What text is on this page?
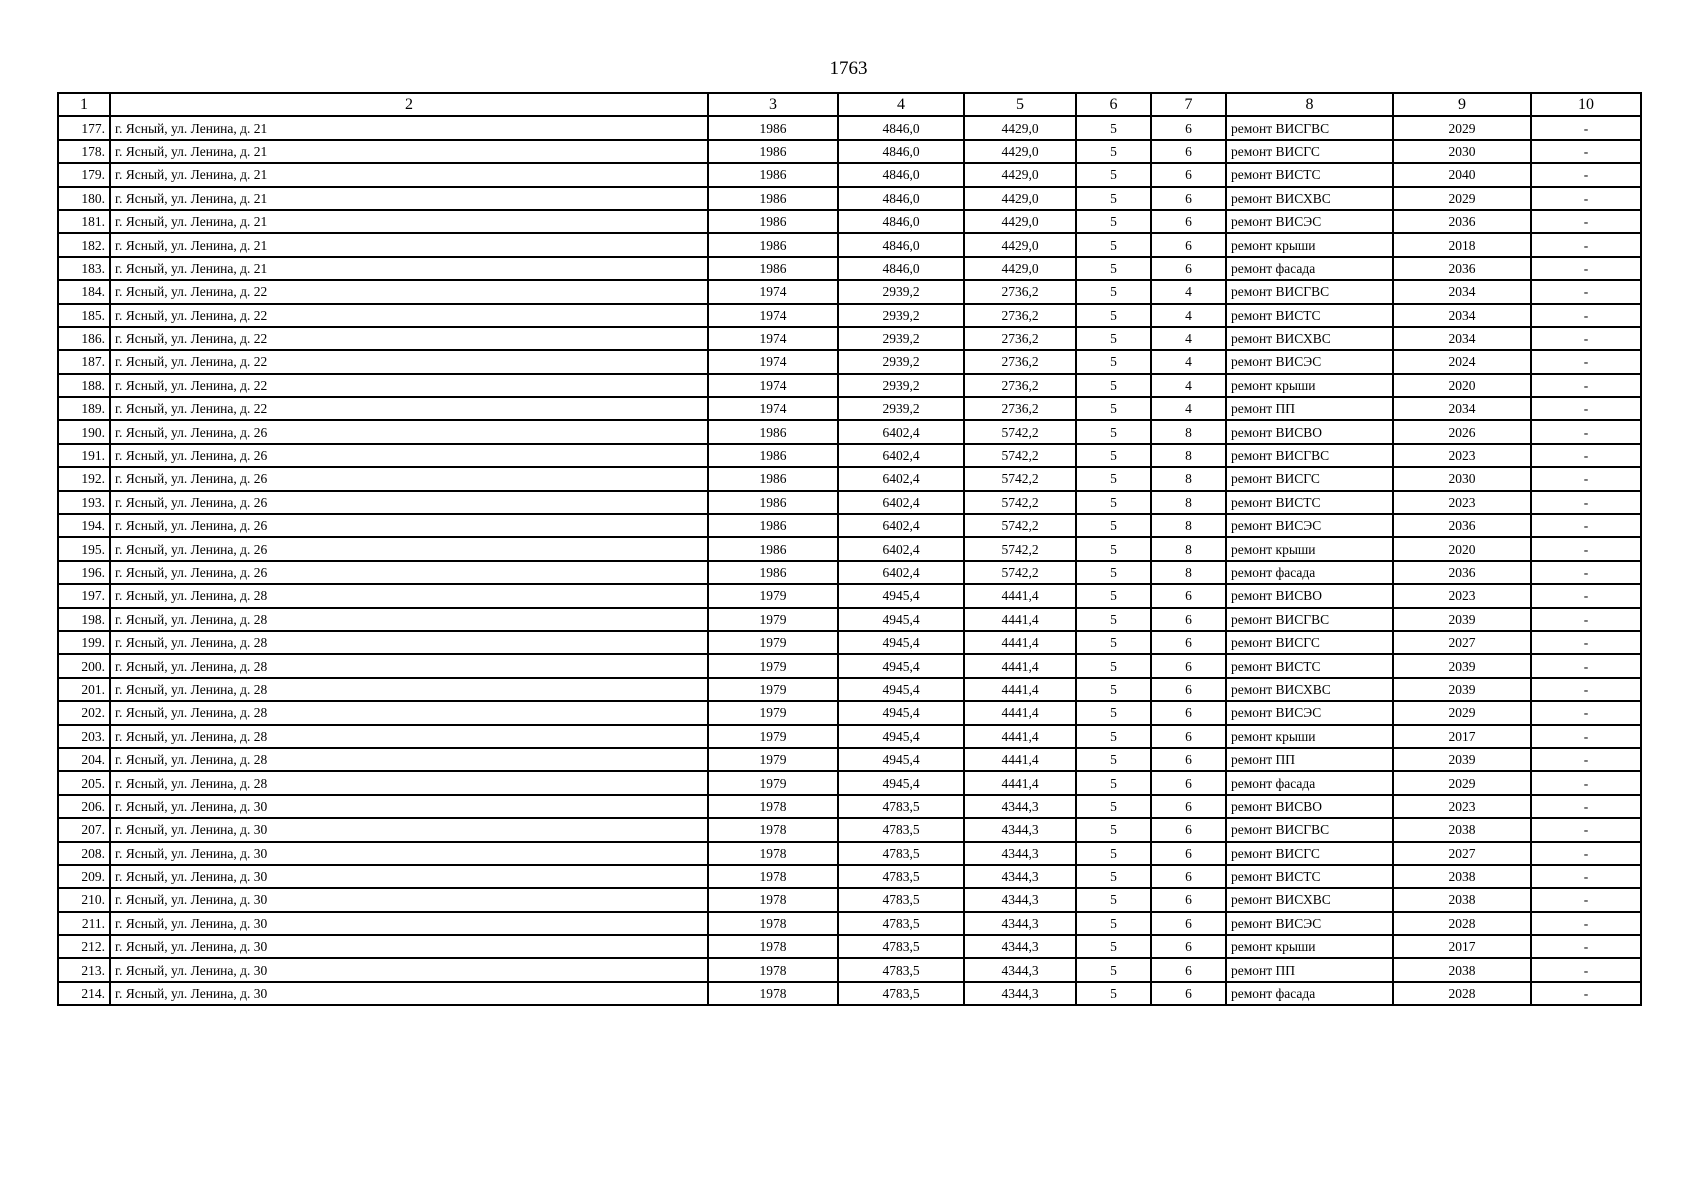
1763
1	2	3	4	5	6	7	8	9	10
177.	г. Ясный, ул. Ленина, д. 21	1986	4846,0	4429,0	5	6	ремонт ВИСГВС	2029	-
178.	г. Ясный, ул. Ленина, д. 21	1986	4846,0	4429,0	5	6	ремонт ВИСГС	2030	-
179.	г. Ясный, ул. Ленина, д. 21	1986	4846,0	4429,0	5	6	ремонт ВИСТС	2040	-
180.	г. Ясный, ул. Ленина, д. 21	1986	4846,0	4429,0	5	6	ремонт ВИСХВС	2029	-
181.	г. Ясный, ул. Ленина, д. 21	1986	4846,0	4429,0	5	6	ремонт ВИСЭС	2036	-
182.	г. Ясный, ул. Ленина, д. 21	1986	4846,0	4429,0	5	6	ремонт крыши	2018	-
183.	г. Ясный, ул. Ленина, д. 21	1986	4846,0	4429,0	5	6	ремонт фасада	2036	-
184.	г. Ясный, ул. Ленина, д. 22	1974	2939,2	2736,2	5	4	ремонт ВИСГВС	2034	-
185.	г. Ясный, ул. Ленина, д. 22	1974	2939,2	2736,2	5	4	ремонт ВИСТС	2034	-
186.	г. Ясный, ул. Ленина, д. 22	1974	2939,2	2736,2	5	4	ремонт ВИСХВС	2034	-
187.	г. Ясный, ул. Ленина, д. 22	1974	2939,2	2736,2	5	4	ремонт ВИСЭС	2024	-
188.	г. Ясный, ул. Ленина, д. 22	1974	2939,2	2736,2	5	4	ремонт крыши	2020	-
189.	г. Ясный, ул. Ленина, д. 22	1974	2939,2	2736,2	5	4	ремонт ПП	2034	-
190.	г. Ясный, ул. Ленина, д. 26	1986	6402,4	5742,2	5	8	ремонт ВИСВО	2026	-
191.	г. Ясный, ул. Ленина, д. 26	1986	6402,4	5742,2	5	8	ремонт ВИСГВС	2023	-
192.	г. Ясный, ул. Ленина, д. 26	1986	6402,4	5742,2	5	8	ремонт ВИСГС	2030	-
193.	г. Ясный, ул. Ленина, д. 26	1986	6402,4	5742,2	5	8	ремонт ВИСТС	2023	-
194.	г. Ясный, ул. Ленина, д. 26	1986	6402,4	5742,2	5	8	ремонт ВИСЭС	2036	-
195.	г. Ясный, ул. Ленина, д. 26	1986	6402,4	5742,2	5	8	ремонт крыши	2020	-
196.	г. Ясный, ул. Ленина, д. 26	1986	6402,4	5742,2	5	8	ремонт фасада	2036	-
197.	г. Ясный, ул. Ленина, д. 28	1979	4945,4	4441,4	5	6	ремонт ВИСВО	2023	-
198.	г. Ясный, ул. Ленина, д. 28	1979	4945,4	4441,4	5	6	ремонт ВИСГВС	2039	-
199.	г. Ясный, ул. Ленина, д. 28	1979	4945,4	4441,4	5	6	ремонт ВИСГС	2027	-
200.	г. Ясный, ул. Ленина, д. 28	1979	4945,4	4441,4	5	6	ремонт ВИСТС	2039	-
201.	г. Ясный, ул. Ленина, д. 28	1979	4945,4	4441,4	5	6	ремонт ВИСХВС	2039	-
202.	г. Ясный, ул. Ленина, д. 28	1979	4945,4	4441,4	5	6	ремонт ВИСЭС	2029	-
203.	г. Ясный, ул. Ленина, д. 28	1979	4945,4	4441,4	5	6	ремонт крыши	2017	-
204.	г. Ясный, ул. Ленина, д. 28	1979	4945,4	4441,4	5	6	ремонт ПП	2039	-
205.	г. Ясный, ул. Ленина, д. 28	1979	4945,4	4441,4	5	6	ремонт фасада	2029	-
206.	г. Ясный, ул. Ленина, д. 30	1978	4783,5	4344,3	5	6	ремонт ВИСВО	2023	-
207.	г. Ясный, ул. Ленина, д. 30	1978	4783,5	4344,3	5	6	ремонт ВИСГВС	2038	-
208.	г. Ясный, ул. Ленина, д. 30	1978	4783,5	4344,3	5	6	ремонт ВИСГС	2027	-
209.	г. Ясный, ул. Ленина, д. 30	1978	4783,5	4344,3	5	6	ремонт ВИСТС	2038	-
210.	г. Ясный, ул. Ленина, д. 30	1978	4783,5	4344,3	5	6	ремонт ВИСХВС	2038	-
211.	г. Ясный, ул. Ленина, д. 30	1978	4783,5	4344,3	5	6	ремонт ВИСЭС	2028	-
212.	г. Ясный, ул. Ленина, д. 30	1978	4783,5	4344,3	5	6	ремонт крыши	2017	-
213.	г. Ясный, ул. Ленина, д. 30	1978	4783,5	4344,3	5	6	ремонт ПП	2038	-
214.	г. Ясный, ул. Ленина, д. 30	1978	4783,5	4344,3	5	6	ремонт фасада	2028	-
